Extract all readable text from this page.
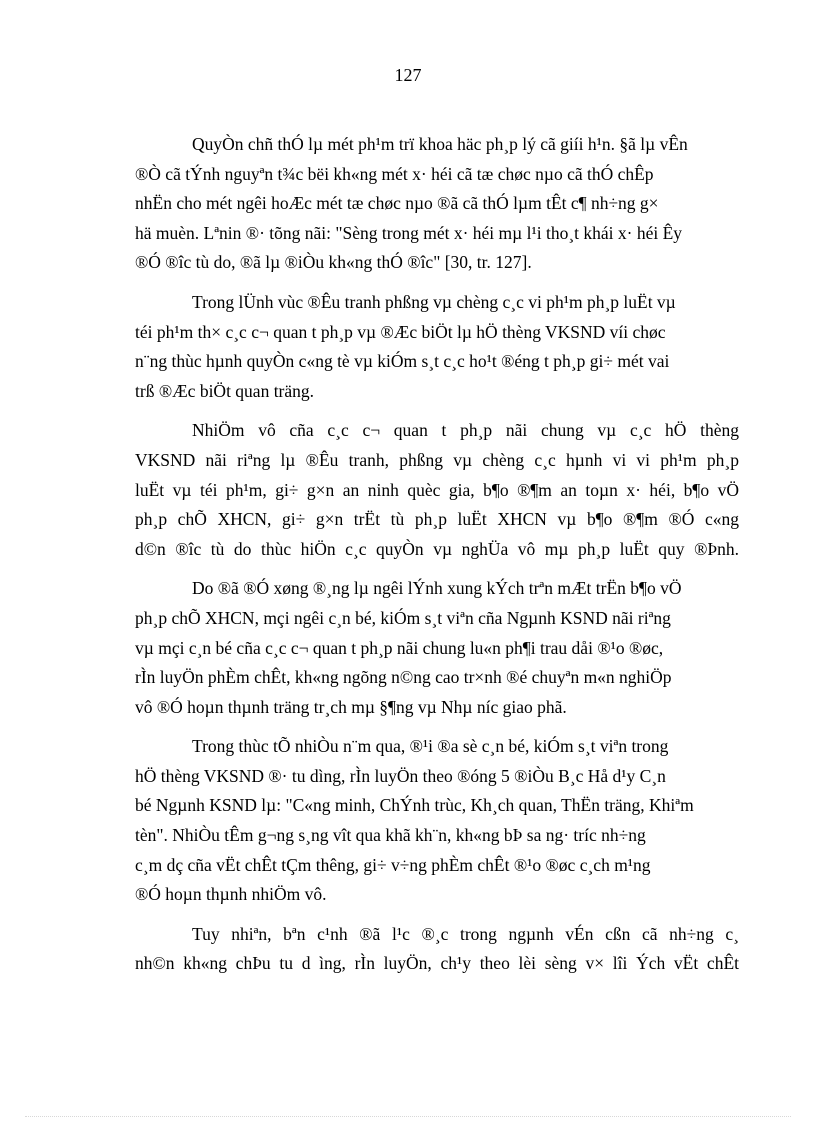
127

QuyÒn chñ thÓ lµ mét ph¹m trï khoa häc ph¸p lý cã giíi h¹n. §ã lµ vÊn
®Ò cã tÝnh nguyªn t¾c bëi kh«ng mét x· héi cã tæ chøc nµo cã thÓ chÊp
nhËn cho mét ngêi hoÆc mét tæ chøc nµo ®ã cã thÓ lµm tÊt c¶ nh÷ng g×
hä muèn. Lªnin ®· tõng nãi: "Sèng trong mét x· héi mµ l¹i tho¸t khái x· héi Êy
®Ó ®îc tù do, ®ã lµ ®iÒu kh«ng thÓ ®îc" [30, tr. 127].

Trong lÜnh vùc ®Êu tranh phßng vµ chèng c¸c vi ph¹m ph¸p luËt vµ
téi ph¹m th× c¸c c¬ quan t ph¸p vµ ®Æc biÖt lµ hÖ thèng VKSND víi chøc
n¨ng thùc hµnh quyÒn c«ng tè vµ kiÓm s¸t c¸c ho¹t ®éng t ph¸p gi÷ mét vai
trß ®Æc biÖt quan träng.

NhiÖm vô cña c¸c c¬ quan t ph¸p nãi chung vµ c¸c hÖ thèng
VKSND nãi riªng lµ ®Êu tranh, phßng vµ chèng c¸c hµnh vi vi ph¹m ph¸p
luËt vµ téi ph¹m, gi÷ g×n an ninh quèc gia, b¶o ®¶m an toµn x· héi, b¶o vÖ
ph¸p chÕ XHCN, gi÷ g×n trËt tù ph¸p luËt XHCN vµ b¶o ®¶m ®Ó c«ng
d©n ®îc tù do thùc hiÖn c¸c quyÒn vµ nghÜa vô mµ ph¸p luËt quy ®Þnh.

Do ®ã ®Ó xøng ®¸ng lµ ngêi lÝnh xung kÝch trªn mÆt trËn b¶o vÖ
ph¸p chÕ XHCN, mçi ngêi c¸n bé, kiÓm s¸t viªn cña Ngµnh KSND nãi riªng
vµ mçi c¸n bé cña c¸c c¬ quan t ph¸p nãi chung lu«n ph¶i trau dåi ®¹o ®øc,
rÌn luyÖn phÈm chÊt, kh«ng ngõng n©ng cao tr×nh ®é chuyªn m«n nghiÖp
vô ®Ó hoµn thµnh träng tr¸ch mµ §¶ng vµ Nhµ níc giao phã.

Trong thùc tÕ nhiÒu n¨m qua, ®¹i ®a sè c¸n bé, kiÓm s¸t viªn trong
hÖ thèng VKSND ®· tu dìng, rÌn luyÖn theo ®óng 5 ®iÒu B¸c Hå d¹y C¸n
bé Ngµnh KSND lµ: "C«ng minh, ChÝnh trùc, Kh¸ch quan, ThËn träng, Khiªm
tèn". NhiÒu tÊm g¬ng s¸ng vît qua khã kh¨n, kh«ng bÞ sa ng· tríc nh÷ng
c¸m dç cña vËt chÊt tÇm thêng, gi÷ v÷ng phÈm chÊt ®¹o ®øc c¸ch m¹ng
®Ó hoµn thµnh nhiÖm vô.

Tuy nhiªn, bªn c¹nh ®ã l¹c ®¸c trong ngµnh vÉn cßn cã nh÷ng c¸
nh©n kh«ng chÞu tu d ìng, rÌn luyÖn, ch¹y theo lèi sèng v× lîi Ých vËt chÊt
